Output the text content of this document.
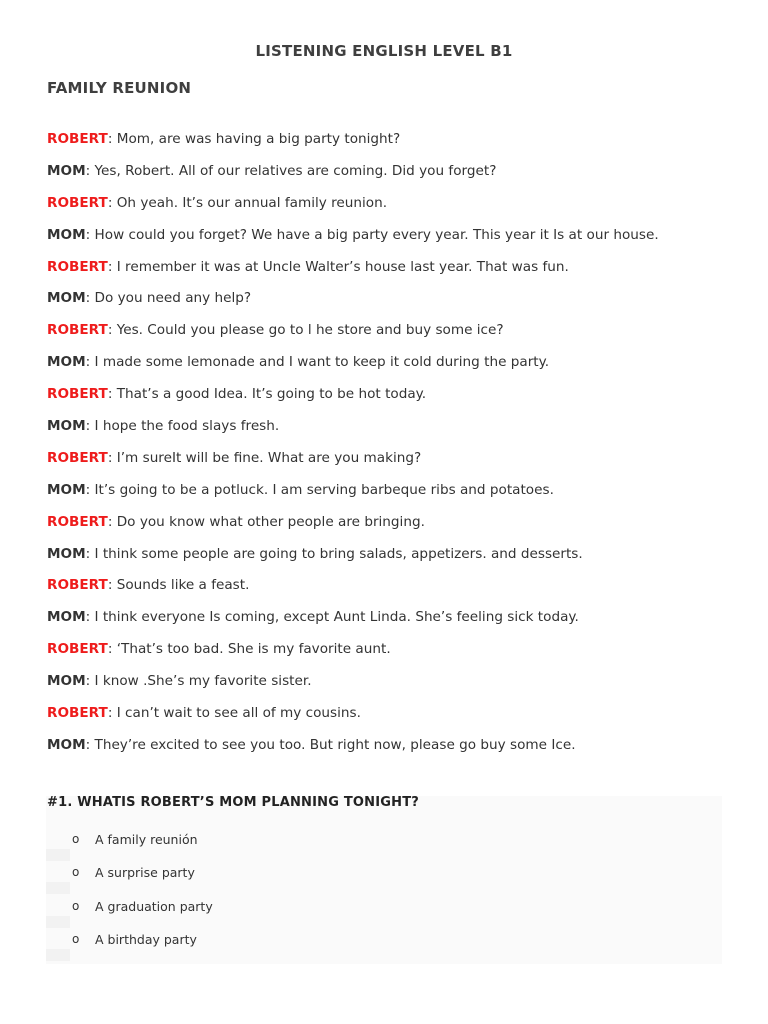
LISTENING ENGLISH LEVEL B1
FAMILY REUNION
ROBERT: Mom, are was having a big party tonight?
MOM: Yes, Robert. All of our relatives are coming. Did you forget?
ROBERT: Oh yeah. It’s our annual family reunion.
MOM: How could you forget? We have a big party every year. This year it Is at our house.
ROBERT: I remember it was at Uncle Walter’s house last year. That was fun.
MOM: Do you need any help?
ROBERT: Yes. Could you please go to l he store and buy some ice?
MOM: I made some lemonade and I want to keep it cold during the party.
ROBERT: That’s a good Idea. It’s going to be hot today.
MOM: I hope the food slays fresh.
ROBERT: I’m sureIt will be fine. What are you making?
MOM: It’s going to be a potluck. I am serving barbeque ribs and potatoes.
ROBERT: Do you know what other people are bringing.
MOM: I think some people are going to bring salads, appetizers. and desserts.
ROBERT: Sounds like a feast.
MOM: I think everyone Is coming, except Aunt Linda. She’s feeling sick today.
ROBERT: ‘That’s too bad. She is my favorite aunt.
MOM: I know .She’s my favorite sister.
ROBERT: I can’t wait to see all of my cousins.
MOM: They’re excited to see you too. But right now, please go buy some Ice.
#1. WHATIS ROBERT’S MOM PLANNING TONIGHT?
o A family reunión
o A surprise party
o A graduation party
o A birthday party
